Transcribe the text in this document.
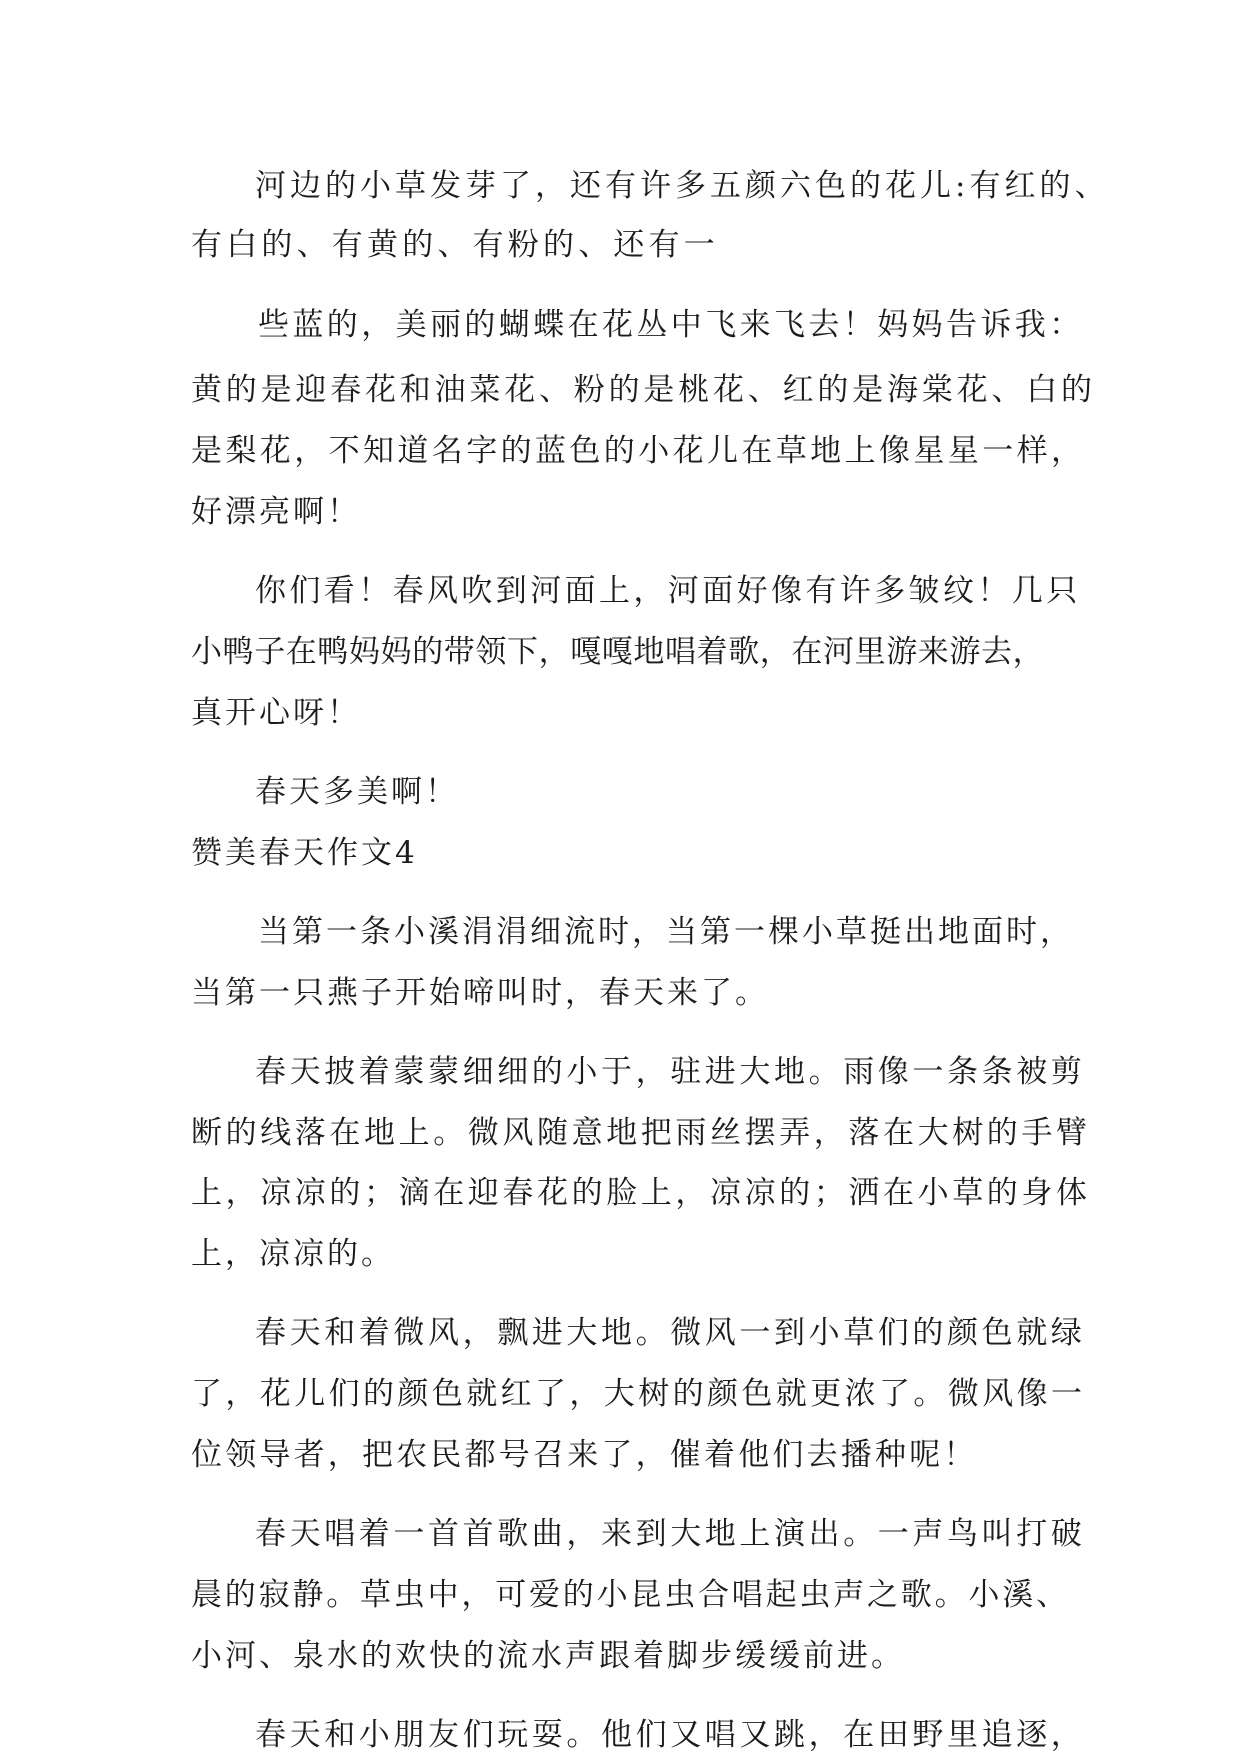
河边的小草发芽了，还有许多五颜六色的花儿:有红的、
有白的、有黄的、有粉的、还有一
些蓝的，美丽的蝴蝶在花丛中飞来飞去！妈妈告诉我：
黄的是迎春花和油菜花、粉的是桃花、红的是海棠花、白的
是梨花，不知道名字的蓝色的小花儿在草地上像星星一样，
好漂亮啊！
你们看！春风吹到河面上，河面好像有许多皱纹！几只
小鸭子在鸭妈妈的带领下，嘎嘎地唱着歌，在河里游来游去，
真开心呀！
春天多美啊！
赞美春天作文4
当第一条小溪涓涓细流时，当第一棵小草挺出地面时，
当第一只燕子开始啼叫时，春天来了。
春天披着蒙蒙细细的小于，驻进大地。雨像一条条被剪
断的线落在地上。微风随意地把雨丝摆弄，落在大树的手臂
上，凉凉的；滴在迎春花的脸上，凉凉的；洒在小草的身体
上，凉凉的。
春天和着微风，飘进大地。微风一到小草们的颜色就绿
了，花儿们的颜色就红了，大树的颜色就更浓了。微风像一
位领导者，把农民都号召来了，催着他们去播种呢！
春天唱着一首首歌曲，来到大地上演出。一声鸟叫打破
晨的寂静。草虫中，可爱的小昆虫合唱起虫声之歌。小溪、
小河、泉水的欢快的流水声跟着脚步缓缓前进。
春天和小朋友们玩耍。他们又唱又跳，在田野里追逐，
